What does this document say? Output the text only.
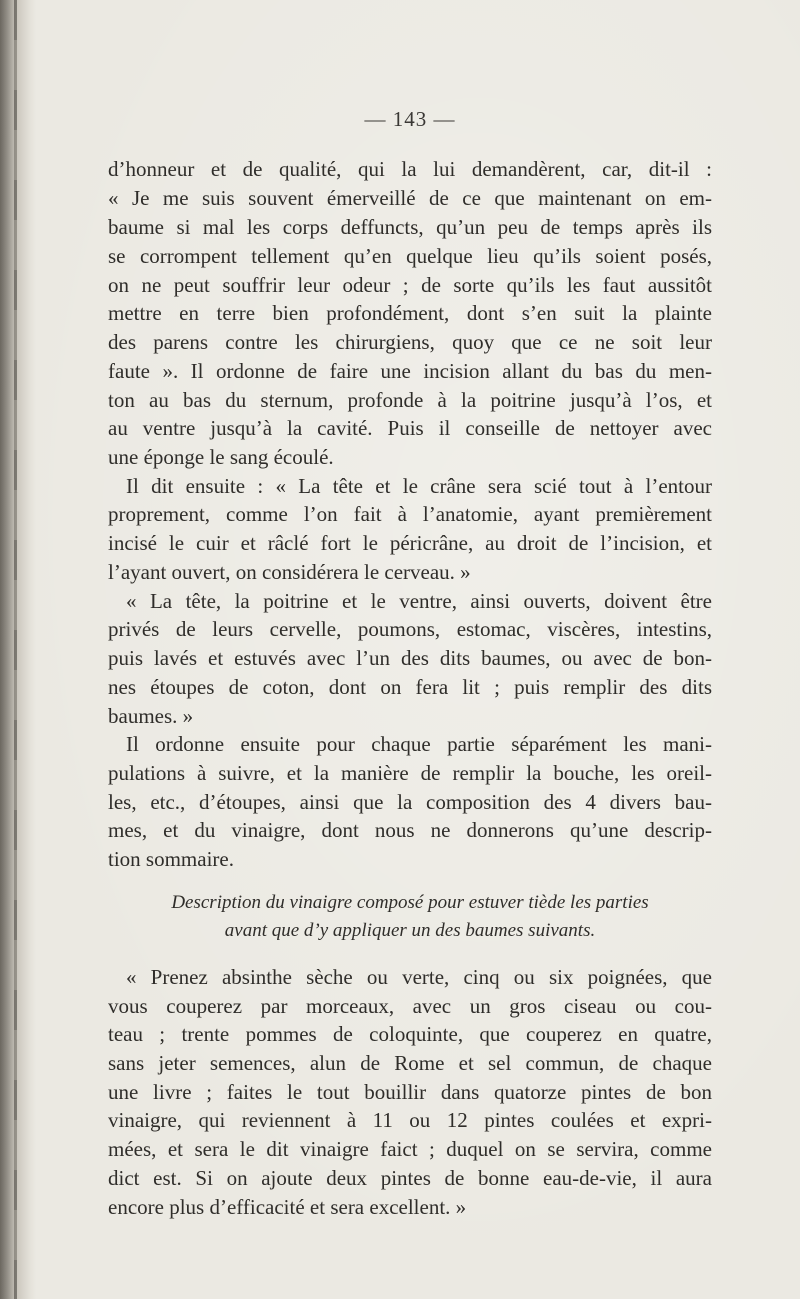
— 143 —
d’honneur et de qualité, qui la lui demandèrent, car, dit-il :
« Je me suis souvent émerveillé de ce que maintenant on em-
baume si mal les corps deffuncts, qu’un peu de temps après ils
se corrompent tellement qu’en quelque lieu qu’ils soient posés,
on ne peut souffrir leur odeur ; de sorte qu’ils les faut aussitôt
mettre en terre bien profondément, dont s’en suit la plainte
des parens contre les chirurgiens, quoy que ce ne soit leur
faute ». Il ordonne de faire une incision allant du bas du men-
ton au bas du sternum, profonde à la poitrine jusqu’à l’os, et
au ventre jusqu’à la cavité. Puis il conseille de nettoyer avec
une éponge le sang écoulé.
Il dit ensuite : « La tête et le crâne sera scié tout à l’entour
proprement, comme l’on fait à l’anatomie, ayant premièrement
incisé le cuir et râclé fort le péricrâne, au droit de l’incision, et
l’ayant ouvert, on considérera le cerveau. »
« La tête, la poitrine et le ventre, ainsi ouverts, doivent être
privés de leurs cervelle, poumons, estomac, viscères, intestins,
puis lavés et estuvés avec l’un des dits baumes, ou avec de bon-
nes étoupes de coton, dont on fera lit ; puis remplir des dits
baumes. »
Il ordonne ensuite pour chaque partie séparément les mani-
pulations à suivre, et la manière de remplir la bouche, les oreil-
les, etc., d’étoupes, ainsi que la composition des 4 divers bau-
mes, et du vinaigre, dont nous ne donnerons qu’une descrip-
tion sommaire.
Description du vinaigre composé pour estuver tiède les parties
avant que d’y appliquer un des baumes suivants.
« Prenez absinthe sèche ou verte, cinq ou six poignées, que
vous couperez par morceaux, avec un gros ciseau ou cou-
teau ; trente pommes de coloquinte, que couperez en quatre,
sans jeter semences, alun de Rome et sel commun, de chaque
une livre ; faites le tout bouillir dans quatorze pintes de bon
vinaigre, qui reviennent à 11 ou 12 pintes coulées et expri-
mées, et sera le dit vinaigre faict ; duquel on se servira, comme
dict est. Si on ajoute deux pintes de bonne eau-de-vie, il aura
encore plus d’efficacité et sera excellent. »
